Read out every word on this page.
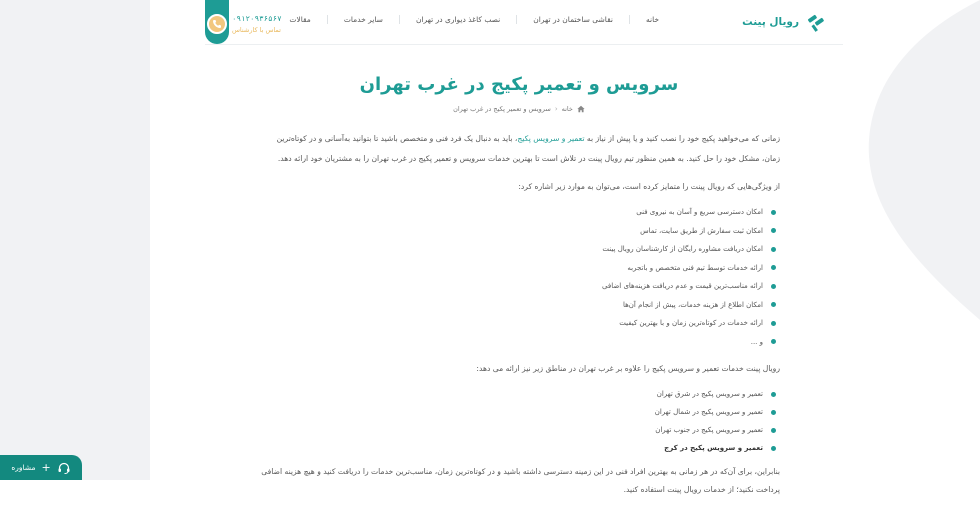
رویال پینت
خانه
نقاشی ساختمان در تهران
نصب کاغذ دیواری در تهران
سایر خدمات
مقالات
۰۹۱۲۰۹۳۶۵۶۷
تماس با کارشناس
سرویس و تعمیر پکیج در غرب تهران
خانه
‹
سرویس و تعمیر پکیج در غرب تهران

زمانی که می‌خواهید پکیج خود را نصب کنید و یا پیش از نیاز به تعمیر و سرویس پکیج، باید به دنبال یک فرد فنی و متخصص باشید تا بتوانید به‌آسانی و در کوتاه‌ترین زمان، مشکل خود را حل کنید. به همین منظور تیم رویال پینت در تلاش است تا بهترین خدمات سرویس و تعمیر پکیج در غرب تهران را به مشتریان خود ارائه دهد.

از ویژگی‌هایی که رویال پینت را متمایز کرده است، می‌توان به موارد زیر اشاره کرد:

امکان دسترسی سریع و آسان به نیروی فنی
امکان ثبت سفارش از طریق سایت، تماس
امکان دریافت مشاوره رایگان از کارشناسان رویال پینت
ارائه خدمات توسط تیم فنی متخصص و باتجربه
ارائه مناسب‌ترین قیمت و عدم دریافت هزینه‌های اضافی
امکان اطلاع از هزینه خدمات، پیش از انجام آن‌ها
ارائه خدمات در کوتاه‌ترین زمان و با بهترین کیفیت
و ...

رویال پینت خدمات تعمیر و سرویس پکیج را علاوه بر غرب تهران در مناطق زیر نیز ارائه می دهد:

تعمیر و سرویس پکیج در شرق تهران
تعمیر و سرویس پکیج در شمال تهران
تعمیر و سرویس پکیج در جنوب تهران
تعمیر و سرویس پکیج در کرج

بنابراین، برای آن‌که در هر زمانی به بهترین افراد فنی در این زمینه دسترسی داشته باشید و در کوتاه‌ترین زمان، مناسب‌ترین خدمات را دریافت کنید و هیچ هزینه اضافی پرداخت نکنید؛ از خدمات رویال پینت استفاده کنید.

+
مشاوره
